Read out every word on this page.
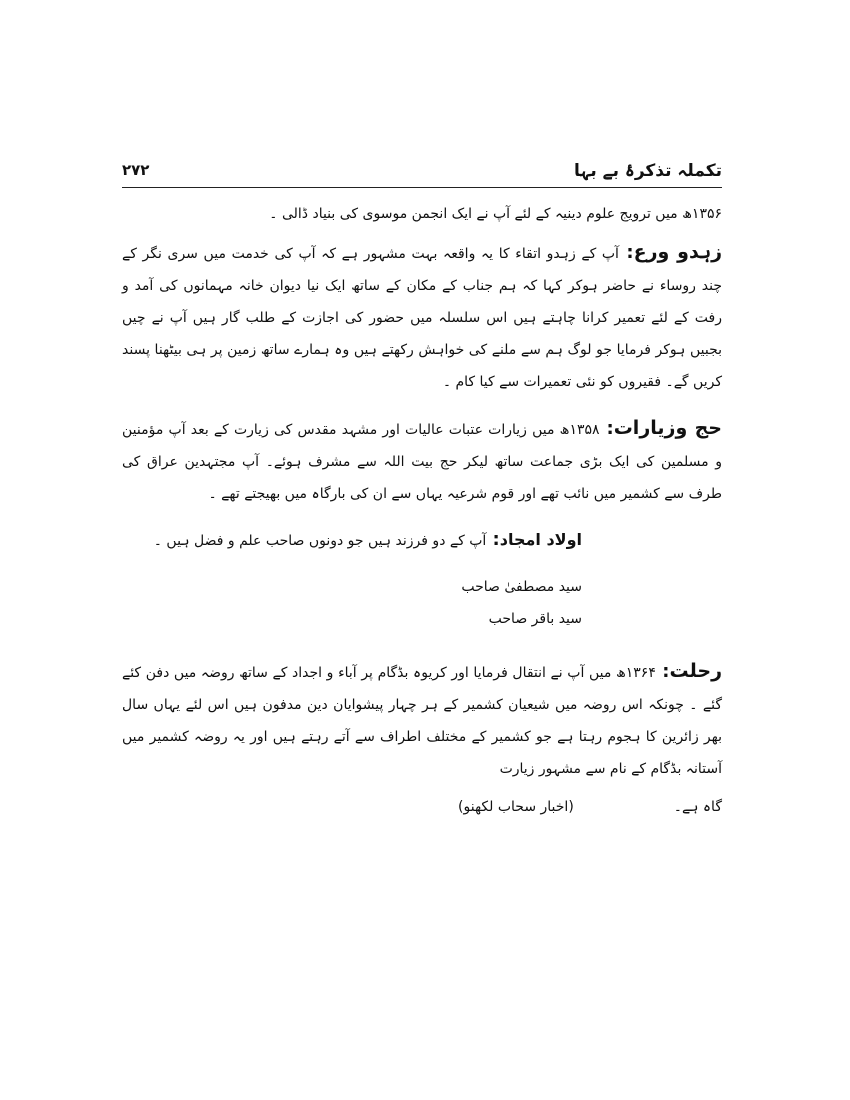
تکملہ تذکرۂ بے بہا
۲۷۲

۱۳۵۶ھ میں ترویج علوم دینیہ کے لئے آپ نے ایک انجمن موسوی کی بنیاد ڈالی ۔

زہدو ورع: آپ کے زہدو اتقاء کا یہ واقعہ بہت مشہور ہے کہ آپ کی خدمت میں سری نگر کے چند روساء نے حاضر ہوکر کہا کہ ہم جناب کے مکان کے ساتھ ایک نیا دیوان خانہ مہمانوں کی آمد و رفت کے لئے تعمیر کرانا چاہتے ہیں اس سلسلہ میں حضور کی اجازت کے طلب گار ہیں آپ نے چیں بجبیں ہوکر فرمایا جو لوگ ہم سے ملنے کی خواہش رکھتے ہیں وہ ہمارے ساتھ زمین پر ہی بیٹھنا پسند کریں گے۔ فقیروں کو نئی تعمیرات سے کیا کام ۔

حج وزیارات: ۱۳۵۸ھ میں زیارات عتبات عالیات اور مشہد مقدس کی زیارت کے بعد آپ مؤمنین و مسلمین کی ایک بڑی جماعت ساتھ لیکر حج بیت اللہ سے مشرف ہوئے۔ آپ مجتہدین عراق کی طرف سے کشمیر میں نائب تھے اور قوم شرعیہ یہاں سے ان کی بارگاہ میں بھیجتے تھے ۔

اولاد امجاد: آپ کے دو فرزند ہیں جو دونوں صاحب علم و فضل ہیں ۔

سید مصطفیٰ صاحب
سید باقر صاحب

رحلت: ۱۳۶۴ھ میں آپ نے انتقال فرمایا اور کریوہ بڈگام پر آباء و اجداد کے ساتھ روضہ میں دفن کئے گئے ۔ چونکہ اس روضہ میں شیعیان کشمیر کے ہر چہار پیشوایان دین مدفون ہیں اس لئے یہاں سال بھر زائرین کا ہجوم رہتا ہے جو کشمیر کے مختلف اطراف سے آتے رہتے ہیں اور یہ روضہ کشمیر میں آستانہ بڈگام کے نام سے مشہور زیارت

گاہ ہے۔
(اخبار سحاب لکھنو)
